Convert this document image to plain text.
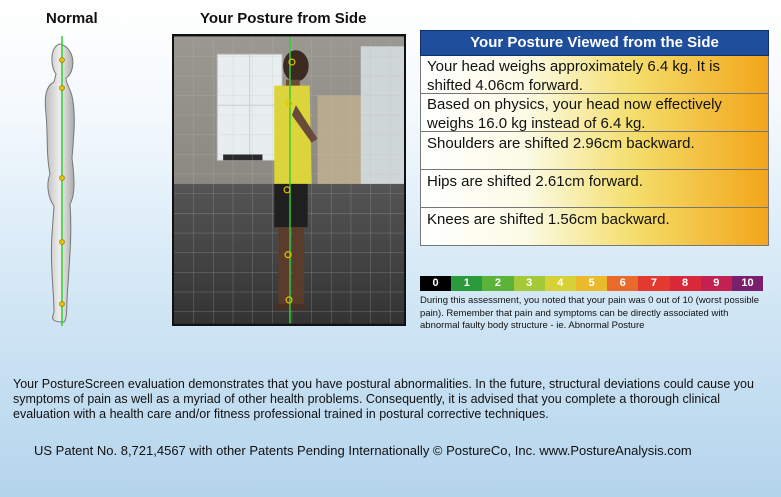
Normal	Your Posture from Side
Your Posture Viewed from the Side
Your head weighs approximately 6.4 kg. It is shifted 4.06cm forward.
Based on physics, your head now effectively weighs 16.0 kg instead of 6.4 kg.
Shoulders are shifted 2.96cm backward.
Hips are shifted 2.61cm forward.
Knees are shifted 1.56cm backward.
0	1	2	3	4	5	6	7	8	9	10
During this assessment, you noted that your pain was 0 out of 10 (worst possible pain). Remember that pain and symptoms can be directly associated with abnormal faulty body structure - ie. Abnormal Posture
Your PostureScreen evaluation demonstrates that you have postural abnormalities. In the future, structural deviations could cause you symptoms of pain as well as a myriad of other health problems. Consequently, it is advised that you complete a thorough clinical evaluation with a health care and/or fitness professional trained in postural corrective techniques.
US Patent No. 8,721,4567 with other Patents Pending Internationally © PostureCo, Inc. www.PostureAnalysis.com
